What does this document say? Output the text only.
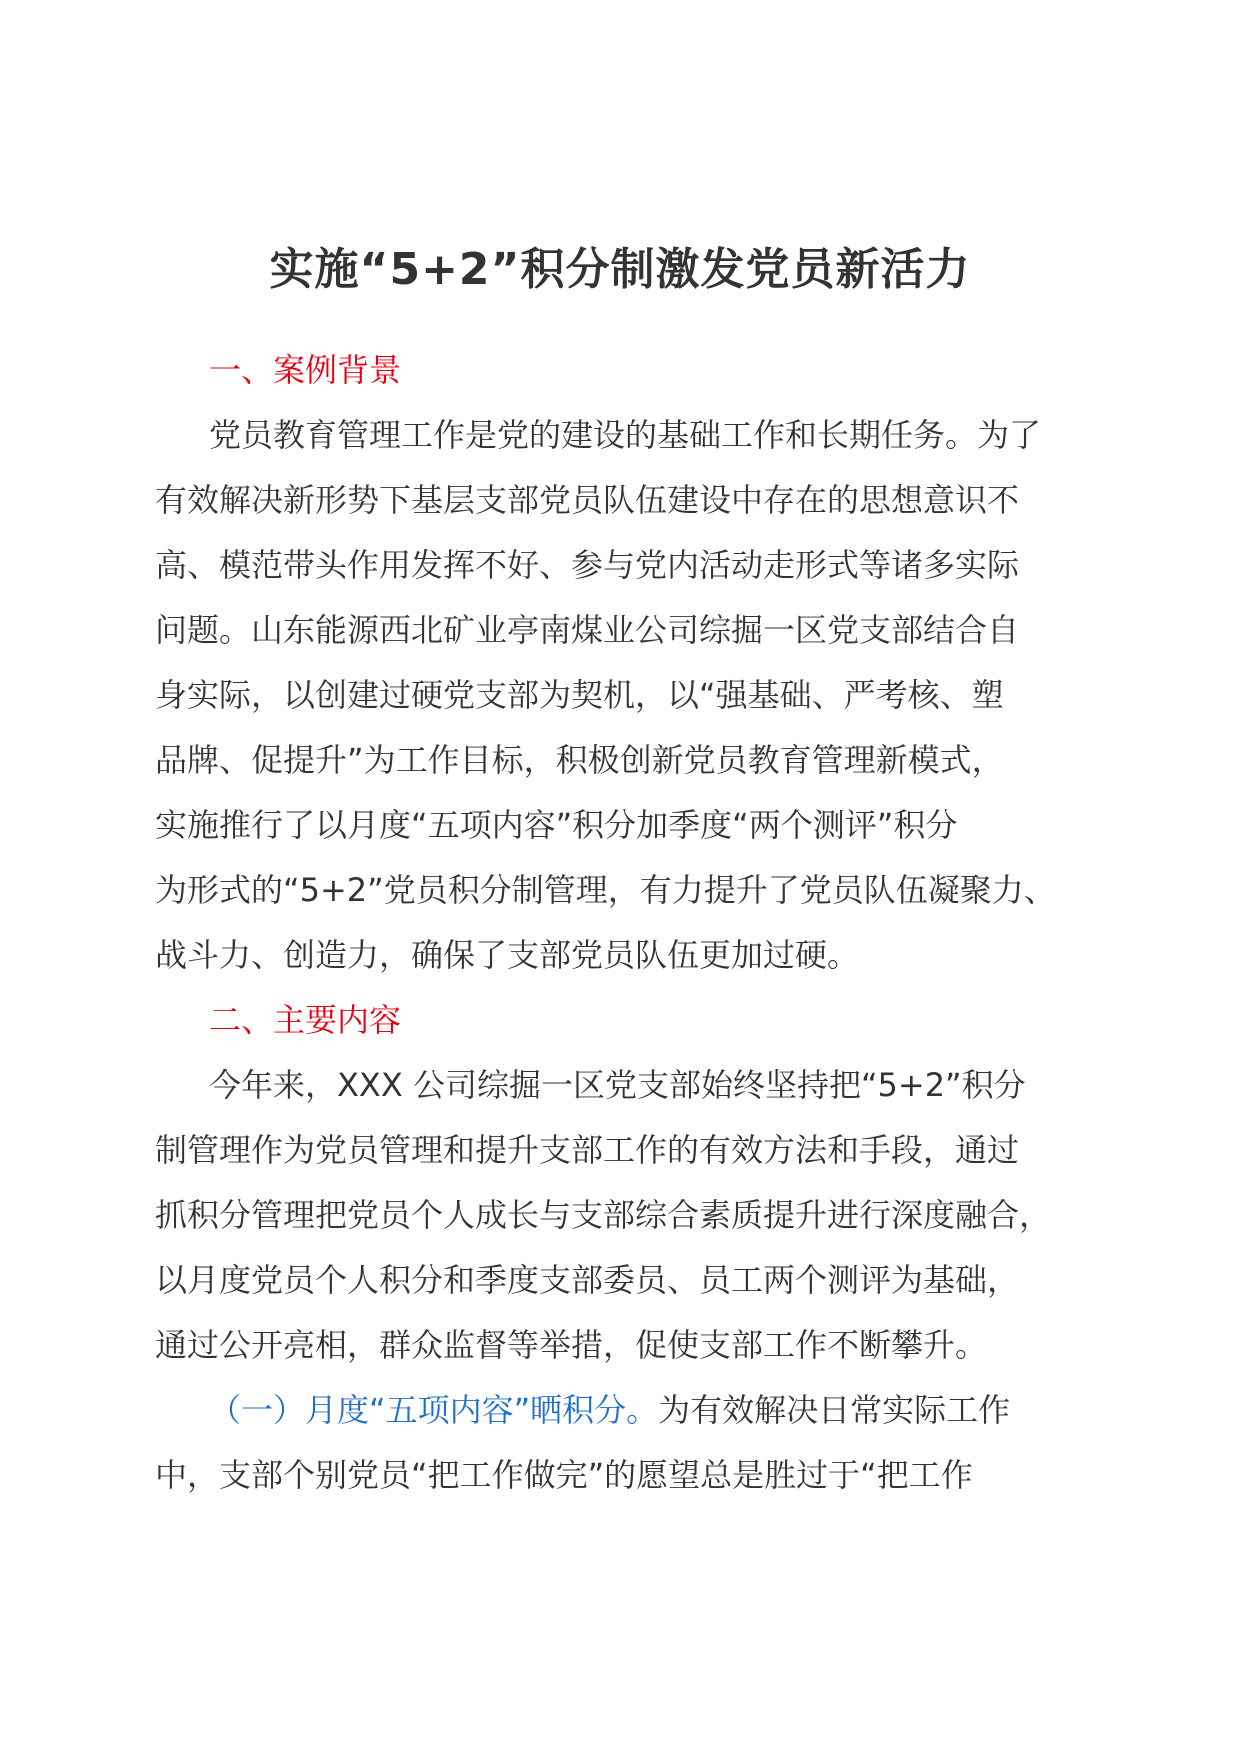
实施“5+2”积分制激发党员新活力
一、案例背景
党员教育管理工作是党的建设的基础工作和长期任务。为了
有效解决新形势下基层支部党员队伍建设中存在的思想意识不
高、模范带头作用发挥不好、参与党内活动走形式等诸多实际
问题。山东能源西北矿业亭南煤业公司综掘一区党支部结合自
身实际，以创建过硬党支部为契机，以“强基础、严考核、塑
品牌、促提升”为工作目标，积极创新党员教育管理新模式，
实施推行了以月度“五项内容”积分加季度“两个测评”积分
为形式的“5+2”党员积分制管理，有力提升了党员队伍凝聚力、
战斗力、创造力，确保了支部党员队伍更加过硬。
二、主要内容
今年来，XXX 公司综掘一区党支部始终坚持把“5+2”积分
制管理作为党员管理和提升支部工作的有效方法和手段，通过
抓积分管理把党员个人成长与支部综合素质提升进行深度融合，
以月度党员个人积分和季度支部委员、员工两个测评为基础，
通过公开亮相，群众监督等举措，促使支部工作不断攀升。
（一）月度“五项内容”晒积分。为有效解决日常实际工作
中，支部个别党员“把工作做完”的愿望总是胜过于“把工作
